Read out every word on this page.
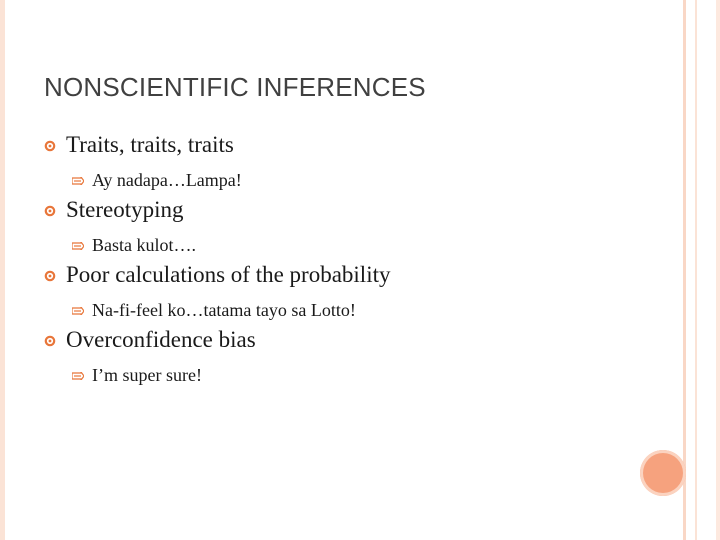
NONSCIENTIFIC INFERENCES
Traits, traits, traits
Ay nadapa…Lampa!
Stereotyping
Basta kulot….
Poor calculations of the probability
Na-fi-feel ko…tatama tayo sa Lotto!
Overconfidence bias
I’m super sure!
